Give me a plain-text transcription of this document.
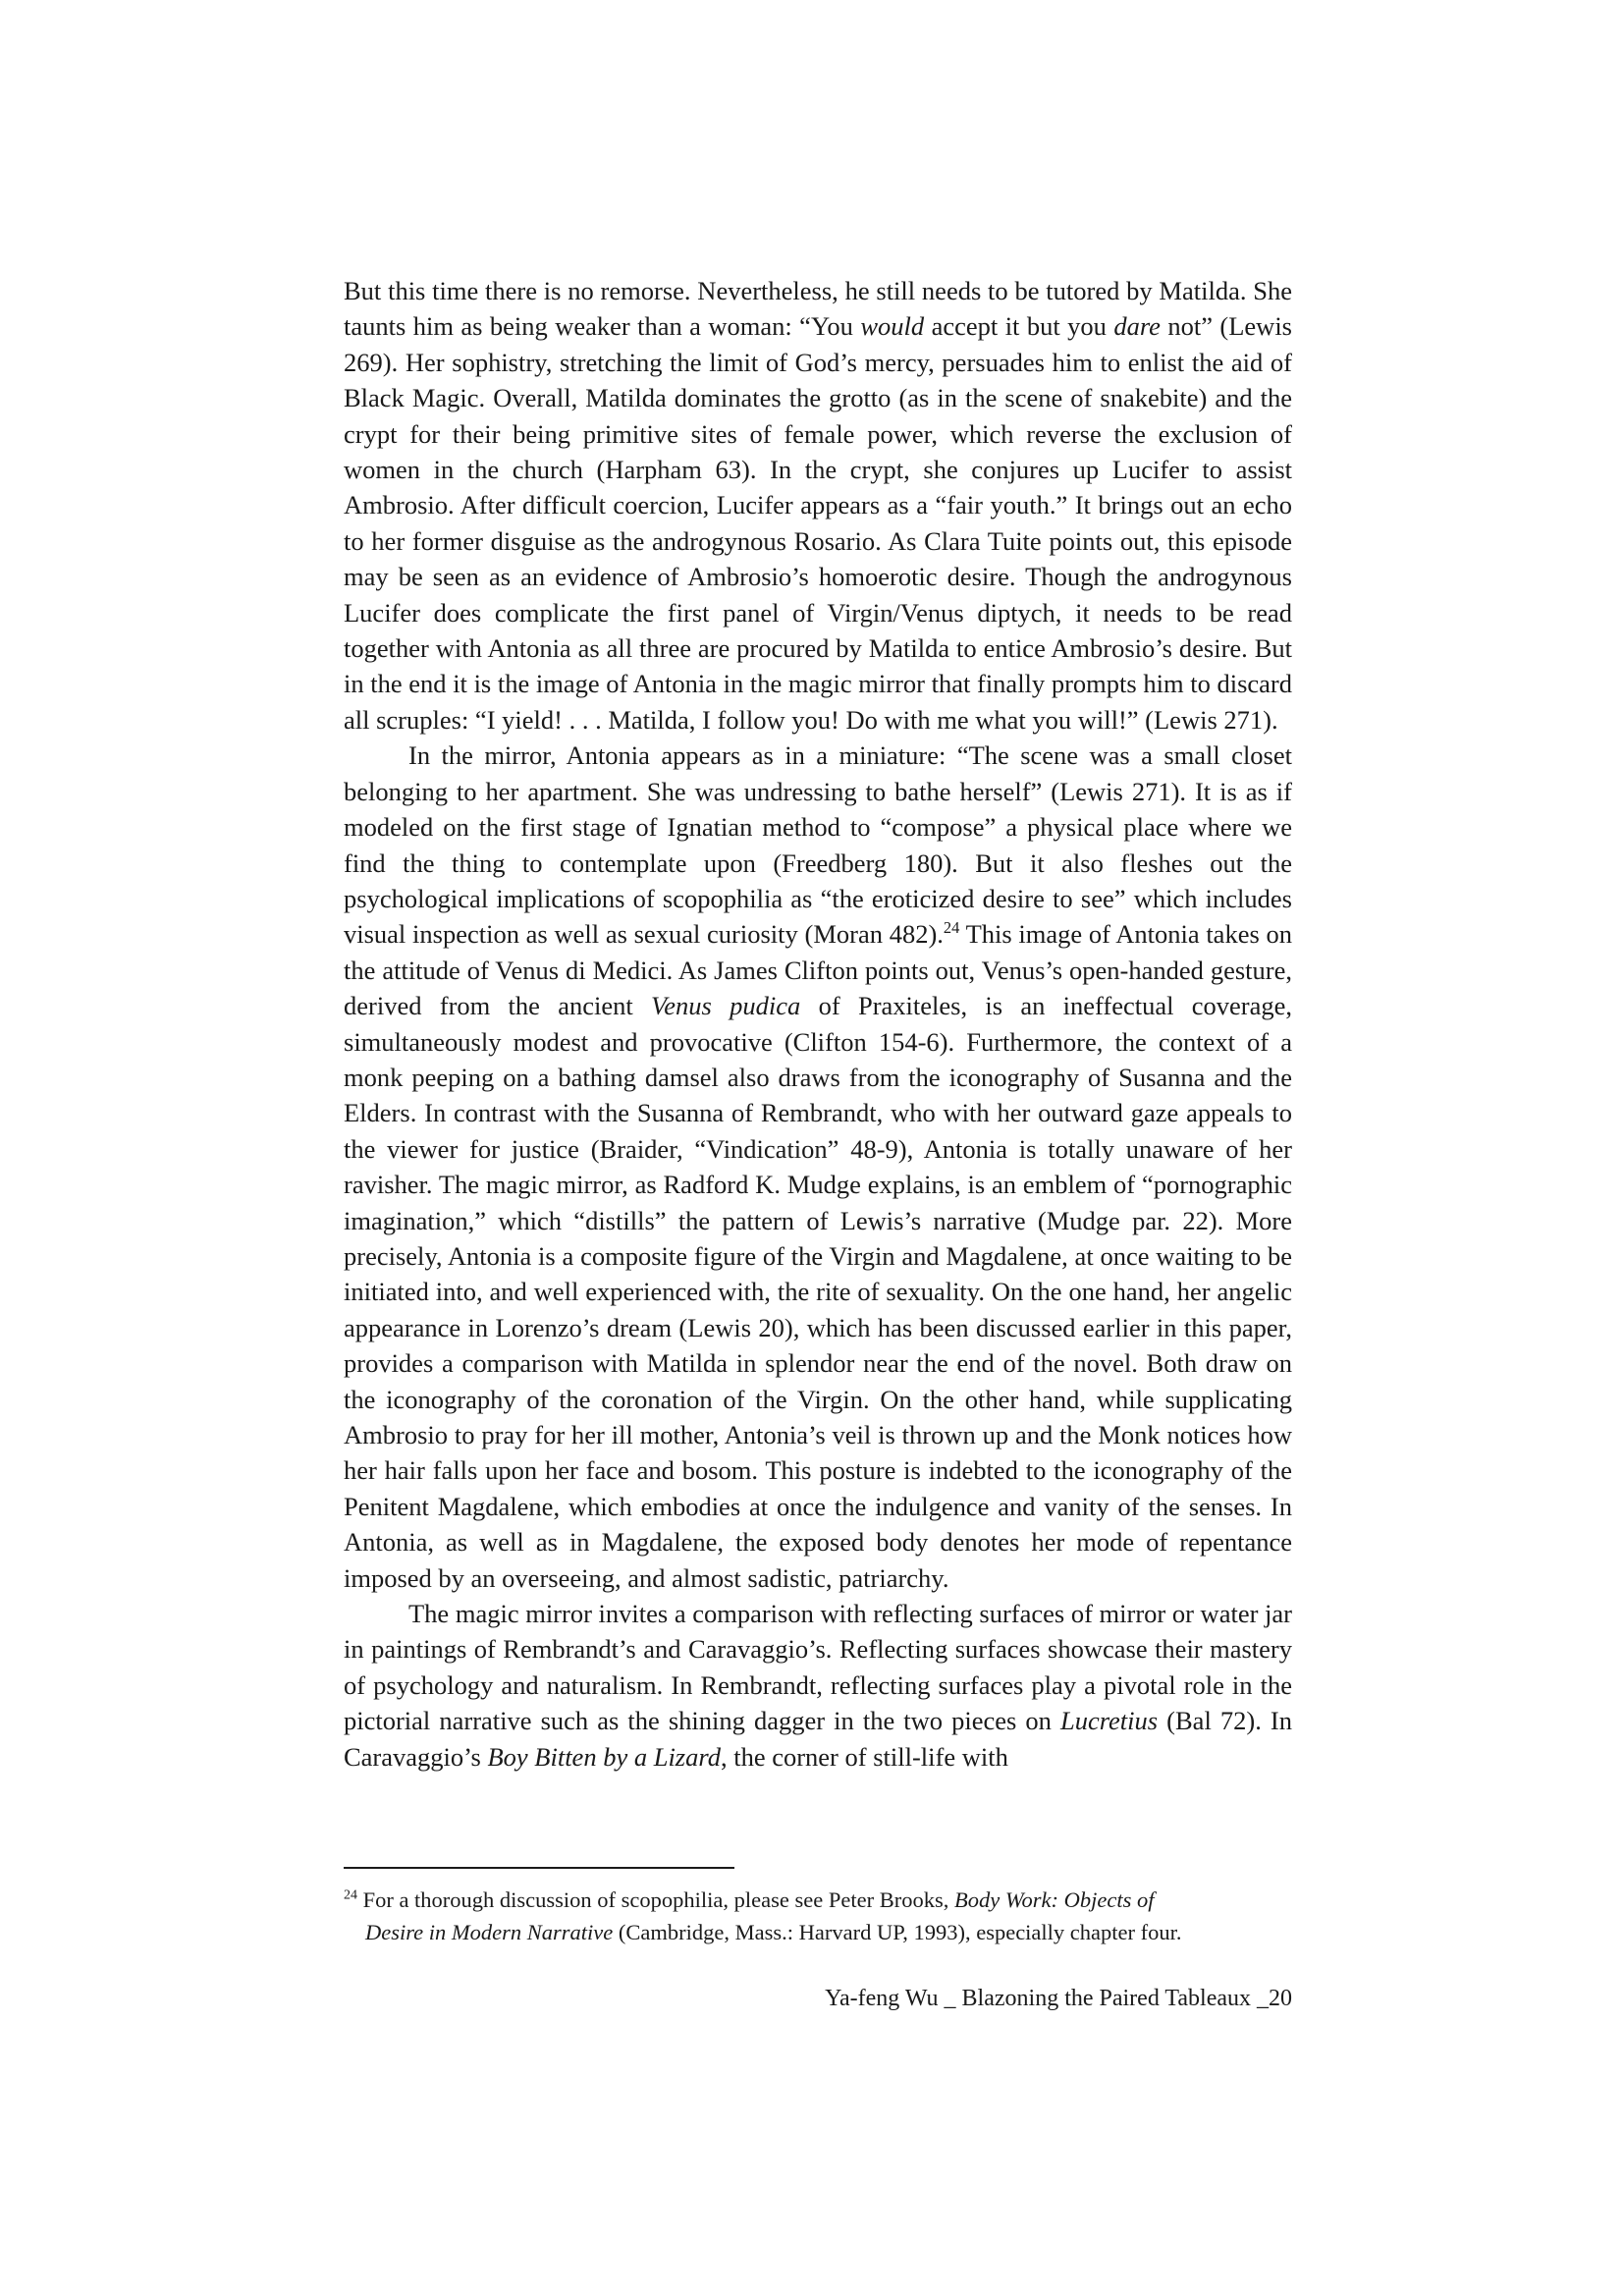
But this time there is no remorse. Nevertheless, he still needs to be tutored by Matilda. She taunts him as being weaker than a woman: “You would accept it but you dare not” (Lewis 269). Her sophistry, stretching the limit of God’s mercy, persuades him to enlist the aid of Black Magic. Overall, Matilda dominates the grotto (as in the scene of snakebite) and the crypt for their being primitive sites of female power, which reverse the exclusion of women in the church (Harpham 63). In the crypt, she conjures up Lucifer to assist Ambrosio. After difficult coercion, Lucifer appears as a “fair youth.” It brings out an echo to her former disguise as the androgynous Rosario. As Clara Tuite points out, this episode may be seen as an evidence of Ambrosio’s homoerotic desire. Though the androgynous Lucifer does complicate the first panel of Virgin/Venus diptych, it needs to be read together with Antonia as all three are procured by Matilda to entice Ambrosio’s desire. But in the end it is the image of Antonia in the magic mirror that finally prompts him to discard all scruples: “I yield! . . . Matilda, I follow you! Do with me what you will!” (Lewis 271).

In the mirror, Antonia appears as in a miniature: “The scene was a small closet belonging to her apartment. She was undressing to bathe herself” (Lewis 271). It is as if modeled on the first stage of Ignatian method to “compose” a physical place where we find the thing to contemplate upon (Freedberg 180). But it also fleshes out the psychological implications of scopophilia as “the eroticized desire to see” which includes visual inspection as well as sexual curiosity (Moran 482).$^{24}$ This image of Antonia takes on the attitude of Venus di Medici. As James Clifton points out, Venus’s open-handed gesture, derived from the ancient Venus pudica of Praxiteles, is an ineffectual coverage, simultaneously modest and provocative (Clifton 154-6). Furthermore, the context of a monk peeping on a bathing damsel also draws from the iconography of Susanna and the Elders. In contrast with the Susanna of Rembrandt, who with her outward gaze appeals to the viewer for justice (Braider, “Vindication” 48-9), Antonia is totally unaware of her ravisher. The magic mirror, as Radford K. Mudge explains, is an emblem of “pornographic imagination,” which “distills” the pattern of Lewis’s narrative (Mudge par. 22). More precisely, Antonia is a composite figure of the Virgin and Magdalene, at once waiting to be initiated into, and well experienced with, the rite of sexuality. On the one hand, her angelic appearance in Lorenzo’s dream (Lewis 20), which has been discussed earlier in this paper, provides a comparison with Matilda in splendor near the end of the novel. Both draw on the iconography of the coronation of the Virgin. On the other hand, while supplicating Ambrosio to pray for her ill mother, Antonia’s veil is thrown up and the Monk notices how her hair falls upon her face and bosom. This posture is indebted to the iconography of the Penitent Magdalene, which embodies at once the indulgence and vanity of the senses. In Antonia, as well as in Magdalene, the exposed body denotes her mode of repentance imposed by an overseeing, and almost sadistic, patriarchy.

The magic mirror invites a comparison with reflecting surfaces of mirror or water jar in paintings of Rembrandt’s and Caravaggio’s. Reflecting surfaces showcase their mastery of psychology and naturalism. In Rembrandt, reflecting surfaces play a pivotal role in the pictorial narrative such as the shining dagger in the two pieces on Lucretius (Bal 72). In Caravaggio’s Boy Bitten by a Lizard, the corner of still-life with

$^{24}$ For a thorough discussion of scopophilia, please see Peter Brooks, Body Work: Objects of
Desire in Modern Narrative (Cambridge, Mass.: Harvard UP, 1993), especially chapter four.
Ya-feng Wu _ Blazoning the Paired Tableaux _20
